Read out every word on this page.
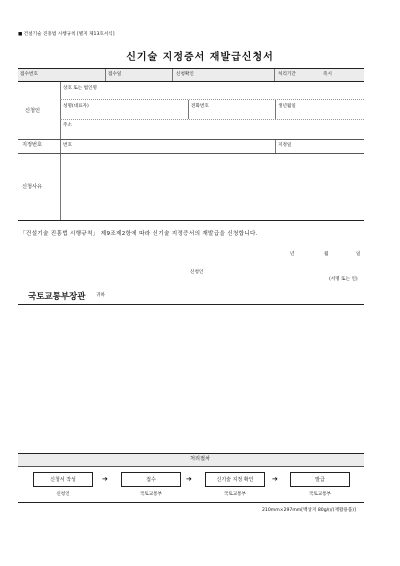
■ 건설기술 진흥법 시행규칙 [별지 제13호서식]
신기술 지정증서 재발급신청서
접수번호	접수일	신청확인	처리기간	즉시
신청인
상호 또는 법인명
성명(대표자)	전화번호	생년월일
주소
지정번호	번호	지정일
신청사유
「건설기술 진흥법 시행규칙」 제9조제2항에 따라 신기술 지정증서의 재발급을 신청합니다.
년	월	일
신청인
(서명 또는 인)
국토교통부장관 귀하
처리절차
신청서 작성	➔	접수	➔	신기술 지정 확인	➔	발급
신청인	국토교통부	국토교통부	국토교통부
210mm×297mm[백상지 80g/㎡(재활용품)]
